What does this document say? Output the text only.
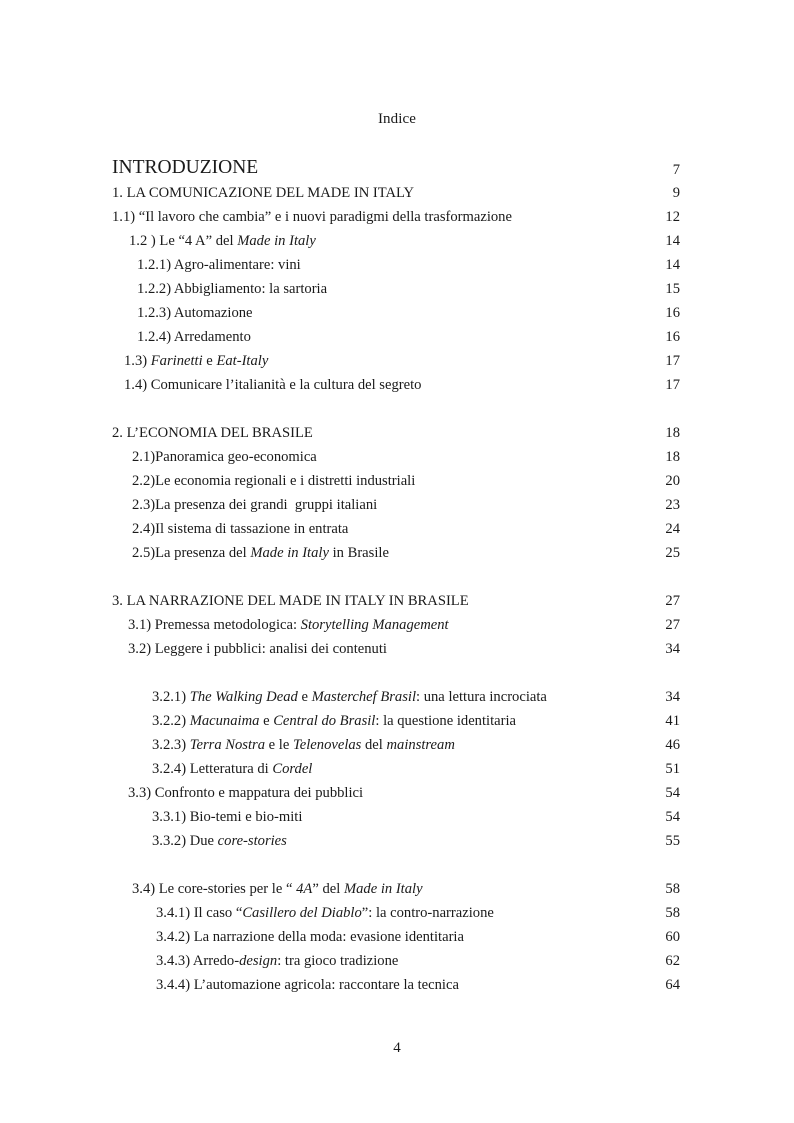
Indice
INTRODUZIONE	7
1. LA COMUNICAZIONE DEL MADE IN ITALY	9
1.1) “Il lavoro che cambia” e i nuovi paradigmi della trasformazione	12
1.2 ) Le “4 A” del Made in Italy	14
1.2.1) Agro-alimentare: vini	14
1.2.2) Abbigliamento: la sartoria	15
1.2.3) Automazione	16
1.2.4) Arredamento	16
1.3) Farinetti e Eat-Italy	17
1.4) Comunicare l’italianità e la cultura del segreto	17
2. L’ECONOMIA DEL BRASILE	18
2.1)Panoramica geo-economica	18
2.2)Le economia regionali e i distretti industriali	20
2.3)La presenza dei grandi  gruppi italiani	23
2.4)Il sistema di tassazione in entrata	24
2.5)La presenza del Made in Italy in Brasile	25
3. LA NARRAZIONE DEL MADE IN ITALY IN BRASILE	27
3.1) Premessa metodologica: Storytelling Management	27
3.2) Leggere i pubblici: analisi dei contenuti	34
3.2.1) The Walking Dead e Masterchef Brasil: una lettura incrociata	34
3.2.2) Macunaima e Central do Brasil: la questione identitaria	41
3.2.3) Terra Nostra e le Telenovelas del mainstream	46
3.2.4) Letteratura di Cordel	51
3.3) Confronto e mappatura dei pubblici	54
3.3.1) Bio-temi e bio-miti	54
3.3.2) Due core-stories	55
3.4) Le core-stories per le “ 4A” del Made in Italy	58
3.4.1) Il caso “Casillero del Diablo”: la contro-narrazione	58
3.4.2) La narrazione della moda: evasione identitaria	60
3.4.3) Arredo-design: tra gioco tradizione	62
3.4.4) L’automazione agricola: raccontare la tecnica	64
4
